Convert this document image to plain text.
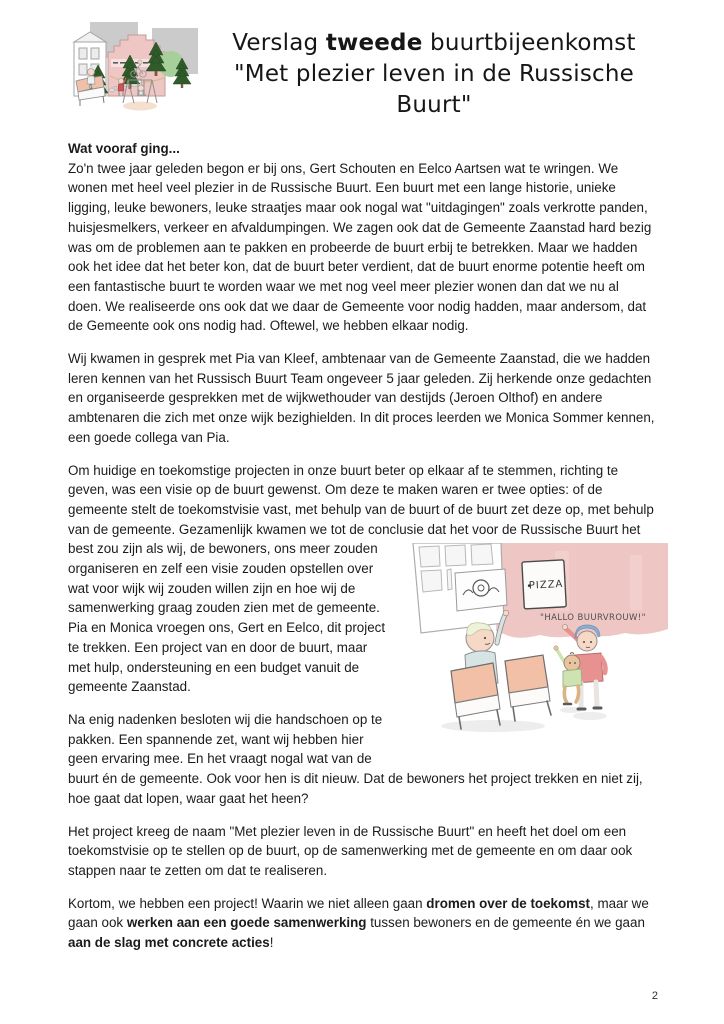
Verslag tweede buurtbijeenkomst
"Met plezier leven in de Russische Buurt"

Wat vooraf ging...

Zo'n twee jaar geleden begon er bij ons, Gert Schouten en Eelco Aartsen wat te wringen. We wonen met heel veel plezier in de Russische Buurt. Een buurt met een lange historie, unieke ligging, leuke bewoners, leuke straatjes maar ook nogal wat "uitdagingen" zoals verkrotte panden, huisjesmelkers, verkeer en afvaldumpingen. We zagen ook dat de Gemeente Zaanstad hard bezig was om de problemen aan te pakken en probeerde de buurt erbij te betrekken. Maar we hadden ook het idee dat het beter kon, dat de buurt beter verdient, dat de buurt enorme potentie heeft om een fantastische buurt te worden waar we met nog veel meer plezier wonen dan dat we nu al doen. We realiseerde ons ook dat we daar de Gemeente voor nodig hadden, maar andersom, dat de Gemeente ook ons nodig had. Oftewel, we hebben elkaar nodig.

Wij kwamen in gesprek met Pia van Kleef, ambtenaar van de Gemeente Zaanstad, die we hadden leren kennen van het Russisch Buurt Team ongeveer 5 jaar geleden. Zij herkende onze gedachten en organiseerde gesprekken met de wijkwethouder van destijds (Jeroen Olthof) en andere ambtenaren die zich met onze wijk bezighielden. In dit proces leerden we Monica Sommer kennen, een goede collega van Pia.

Om huidige en toekomstige projecten in onze buurt beter op elkaar af te stemmen, richting te geven, was een visie op de buurt gewenst. Om deze te maken waren er twee opties: of de gemeente stelt de toekomstvisie vast, met behulp van de buurt of de buurt zet deze op, met behulp van de gemeente. Gezamenlijk kwamen we tot de conclusie dat het voor de Russische Buurt het
PIZZA
"HALLO BUURVROUW!"
best zou zijn als wij, de bewoners, ons meer zouden organiseren en zelf een visie zouden opstellen over wat voor wijk wij zouden willen zijn en hoe wij de samenwerking graag zouden zien met de gemeente. Pia en Monica vroegen ons, Gert en Eelco, dit project te trekken. Een project van en door de buurt, maar met hulp, ondersteuning en een budget vanuit de gemeente Zaanstad.

Na enig nadenken besloten wij die handschoen op te pakken. Een spannende zet, want wij hebben hier geen ervaring mee. En het vraagt nogal wat van de buurt én de gemeente. Ook voor hen is dit nieuw. Dat de bewoners het project trekken en niet zij, hoe gaat dat lopen, waar gaat het heen?

Het project kreeg de naam "Met plezier leven in de Russische Buurt" en heeft het doel om een toekomstvisie op te stellen op de buurt, op de samenwerking met de gemeente en om daar ook stappen naar te zetten om dat te realiseren.

Kortom, we hebben een project! Waarin we niet alleen gaan dromen over de toekomst, maar we gaan ook werken aan een goede samenwerking tussen bewoners en de gemeente én we gaan aan de slag met concrete acties!

2
